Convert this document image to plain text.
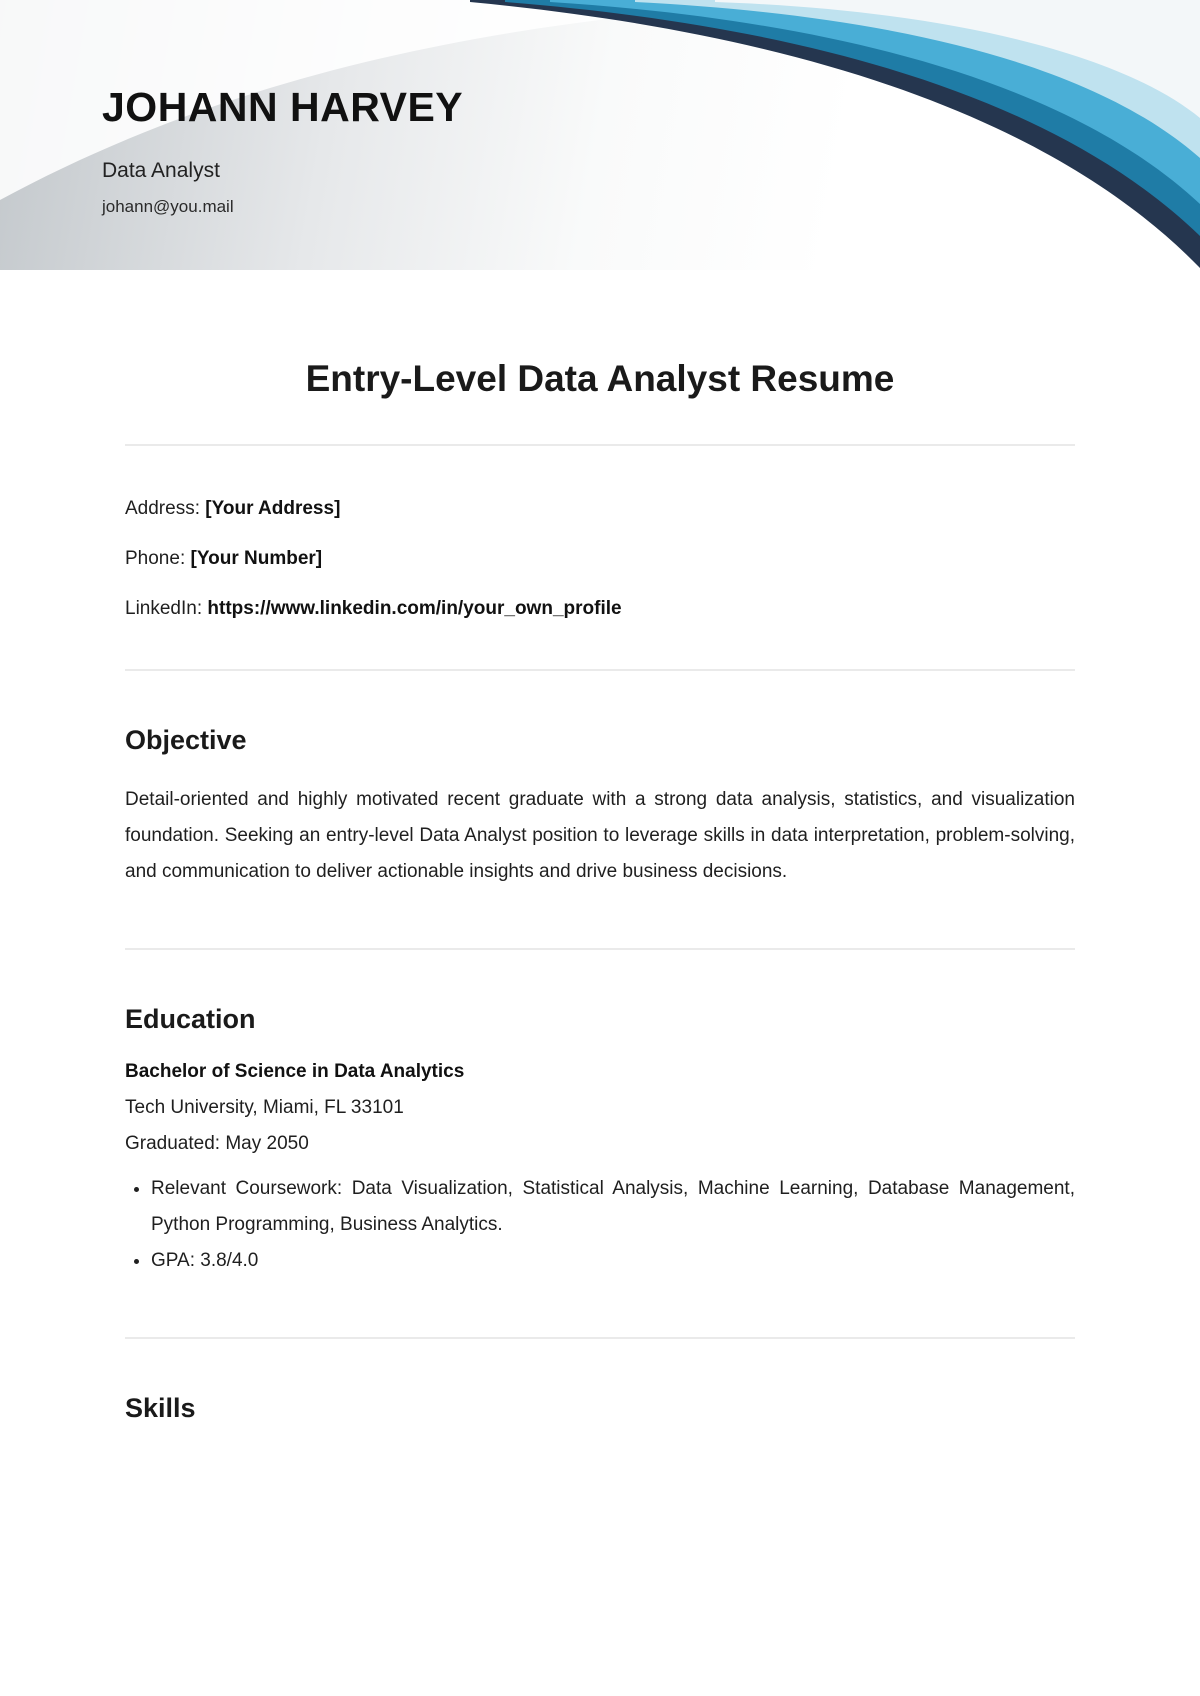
JOHANN HARVEY
Data Analyst
johann@you.mail
Entry-Level Data Analyst Resume
Address: [Your Address]
Phone: [Your Number]
LinkedIn: https://www.linkedin.com/in/your_own_profile
Objective

Detail-oriented and highly motivated recent graduate with a strong data analysis, statistics, and visualization foundation. Seeking an entry-level Data Analyst position to leverage skills in data interpretation, problem-solving, and communication to deliver actionable insights and drive business decisions.

Education
Bachelor of Science in Data Analytics
Tech University, Miami, FL 33101
Graduated: May 2050
• Relevant Coursework: Data Visualization, Statistical Analysis, Machine Learning, Database Management, Python Programming, Business Analytics.
• GPA: 3.8/4.0
Skills
